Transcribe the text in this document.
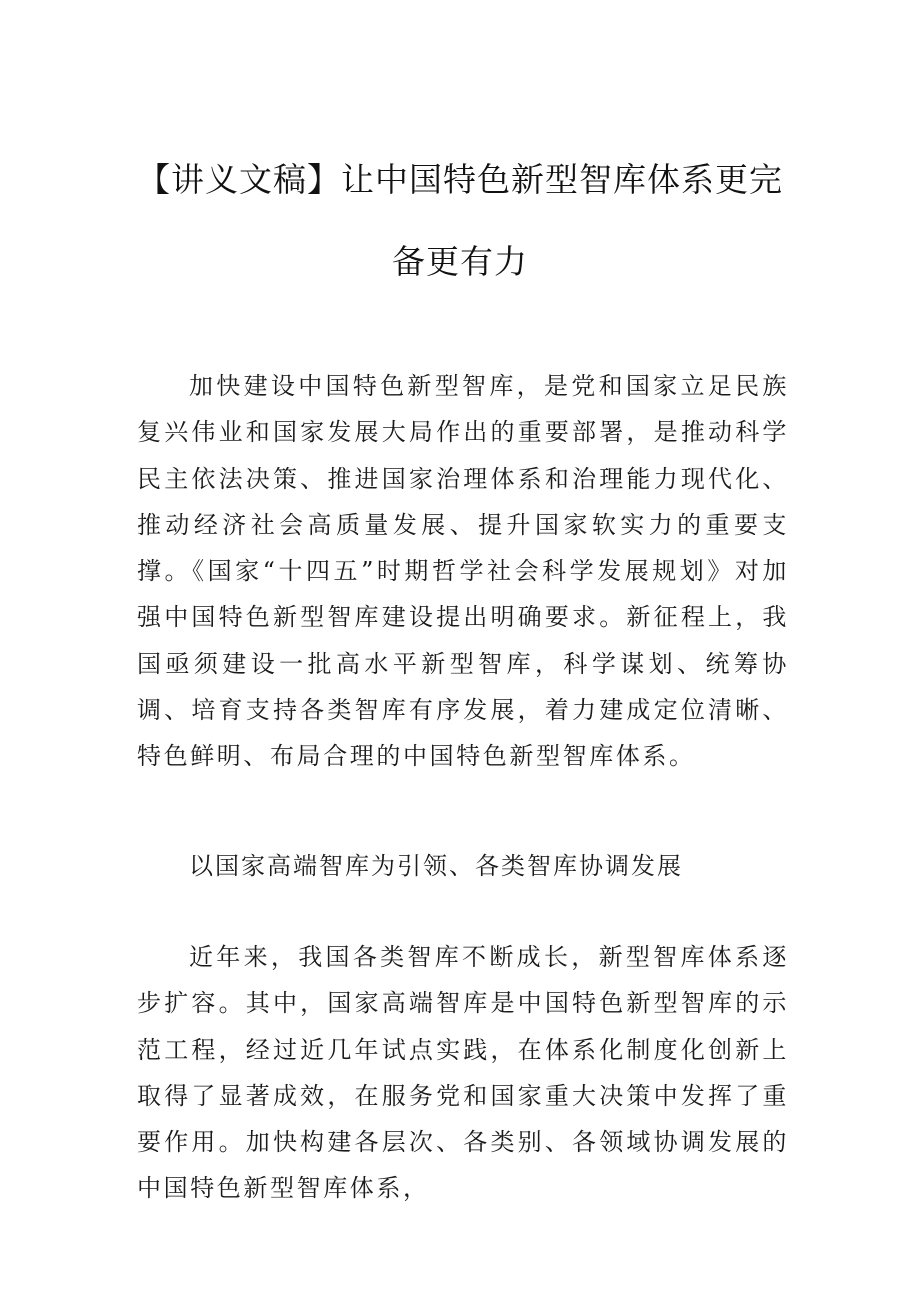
【讲义文稿】让中国特色新型智库体系更完
备更有力

加快建设中国特色新型智库，是党和国家立足民族复兴伟业和国家发展大局作出的重要部署，是推动科学民主依法决策、推进国家治理体系和治理能力现代化、推动经济社会高质量发展、提升国家软实力的重要支撑。《国家“十四五”时期哲学社会科学发展规划》对加强中国特色新型智库建设提出明确要求。新征程上，我国亟须建设一批高水平新型智库，科学谋划、统筹协调、培育支持各类智库有序发展，着力建成定位清晰、特色鲜明、布局合理的中国特色新型智库体系。

以国家高端智库为引领、各类智库协调发展

近年来，我国各类智库不断成长，新型智库体系逐步扩容。其中，国家高端智库是中国特色新型智库的示范工程，经过近几年试点实践，在体系化制度化创新上取得了显著成效，在服务党和国家重大决策中发挥了重要作用。加快构建各层次、各类别、各领域协调发展的中国特色新型智库体系，
